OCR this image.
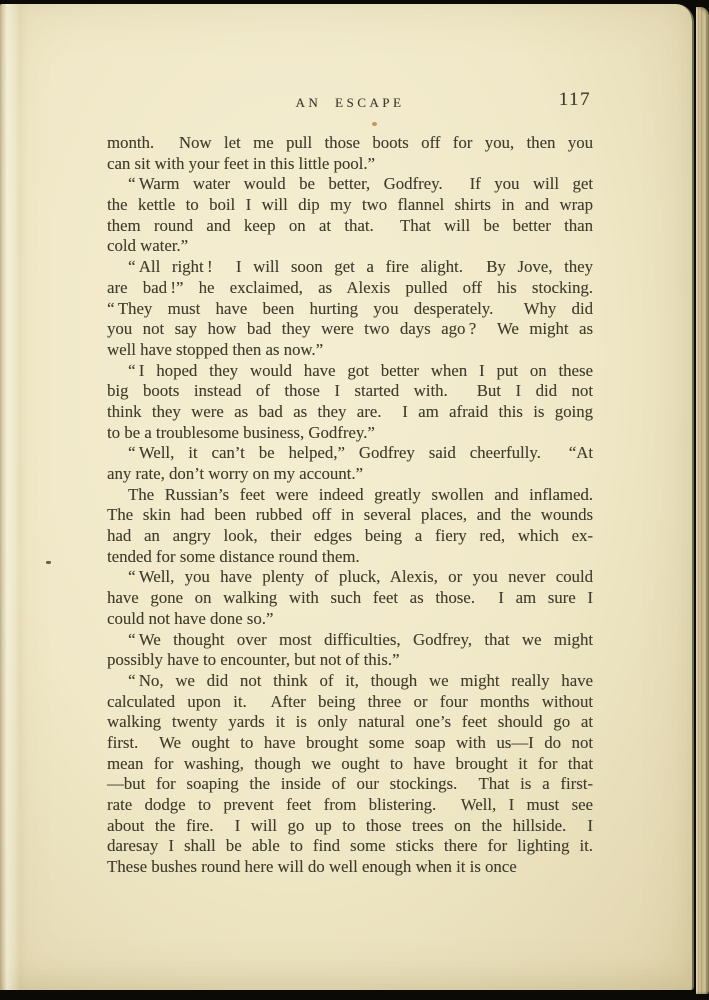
AN ESCAPE	117
month.  Now let me pull those boots off for you, then you
can sit with your feet in this little pool.”
“ Warm water would be better, Godfrey.  If you will get
the kettle to boil I will dip my two flannel shirts in and wrap
them round and keep on at that.  That will be better than
cold water.”
“ All right !  I will soon get a fire alight.  By Jove, they
are bad !” he exclaimed, as Alexis pulled off his stocking.
“ They must have been hurting you desperately.  Why did
you not say how bad they were two days ago ?  We might as
well have stopped then as now.”
“ I hoped they would have got better when I put on these
big boots instead of those I started with.  But I did not
think they were as bad as they are.  I am afraid this is going
to be a troublesome business, Godfrey.”
“ Well, it can’t be helped,” Godfrey said cheerfully.  “At
any rate, don’t worry on my account.”
The Russian’s feet were indeed greatly swollen and inflamed.
The skin had been rubbed off in several places, and the wounds
had an angry look, their edges being a fiery red, which ex-
tended for some distance round them.
“ Well, you have plenty of pluck, Alexis, or you never could
have gone on walking with such feet as those.  I am sure I
could not have done so.”
“ We thought over most difficulties, Godfrey, that we might
possibly have to encounter, but not of this.”
“ No, we did not think of it, though we might really have
calculated upon it.  After being three or four months without
walking twenty yards it is only natural one’s feet should go at
first.  We ought to have brought some soap with us—I do not
mean for washing, though we ought to have brought it for that
—but for soaping the inside of our stockings.  That is a first-
rate dodge to prevent feet from blistering.  Well, I must see
about the fire.  I will go up to those trees on the hillside.  I
daresay I shall be able to find some sticks there for lighting it.
These bushes round here will do well enough when it is once
